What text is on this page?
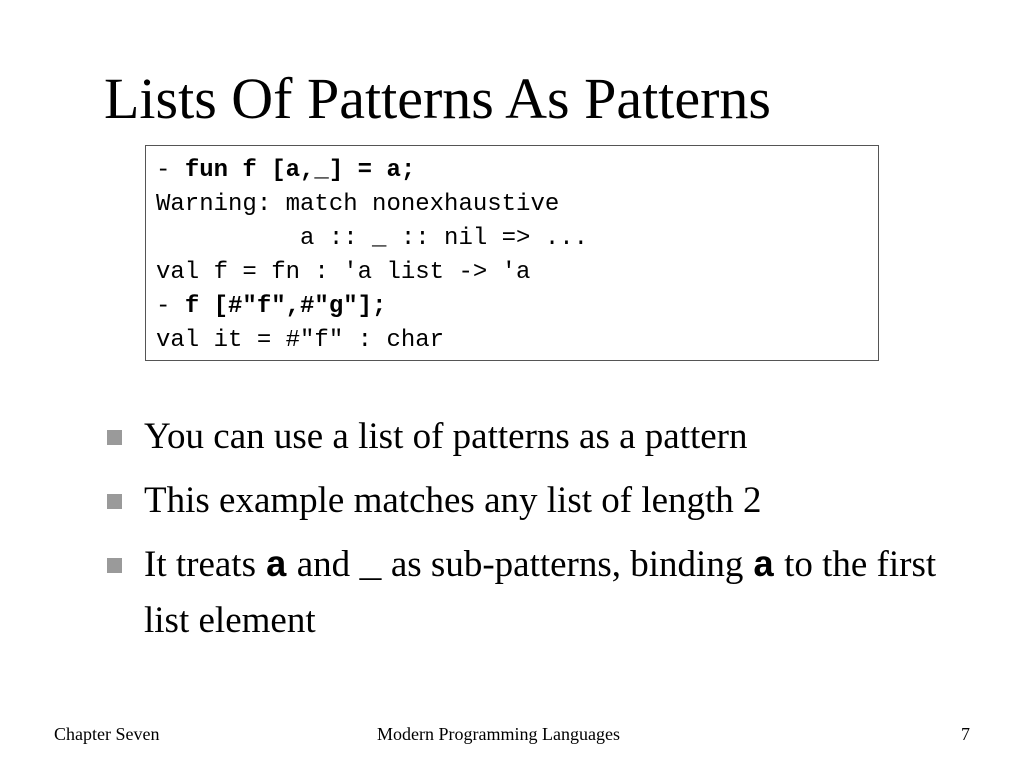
Lists Of Patterns As Patterns
- fun f [a,_] = a;
Warning: match nonexhaustive
a :: _ :: nil => ...
val f = fn : 'a list -> 'a
- f [#"f",#"g"];
val it = #"f" : char
You can use a list of patterns as a pattern
This example matches any list of length 2
It treats a and _ as sub-patterns, binding a to the first list element
Chapter Seven	Modern Programming Languages	7
